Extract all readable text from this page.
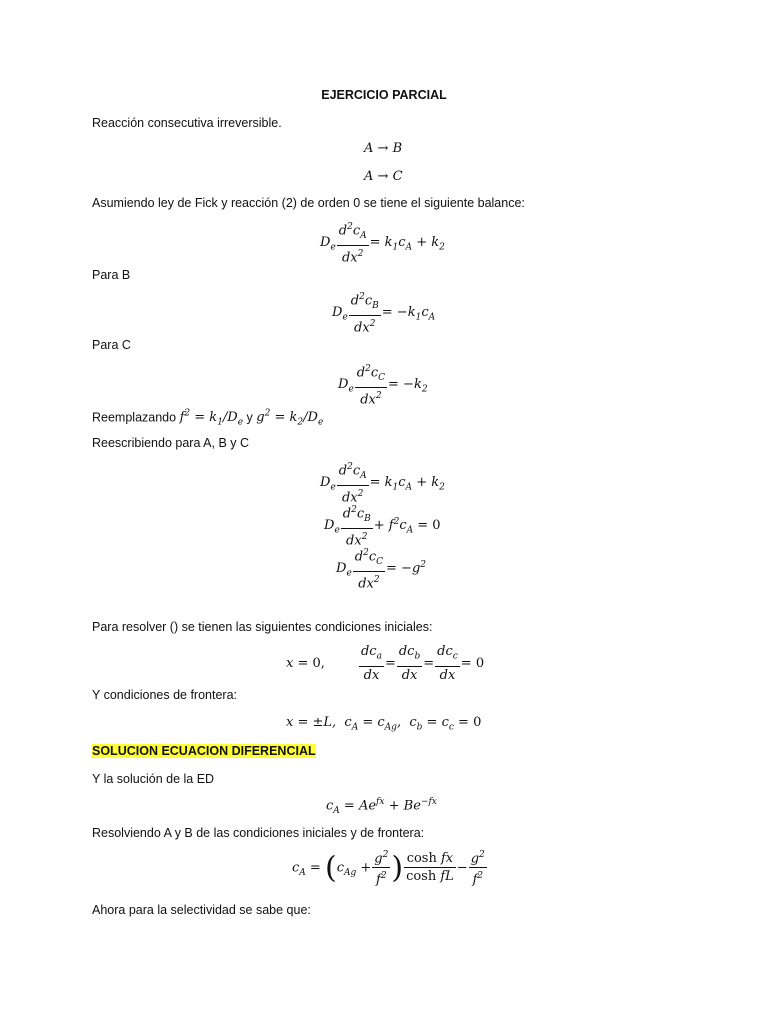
EJERCICIO PARCIAL
Reacción consecutiva irreversible.
A → B
A → C
Asumiendo ley de Fick y reacción (2) de orden 0 se tiene el siguiente balance:
$D_e \frac{d^2c_A}{dx^2} = k_1c_A + k_2$
Para B
$D_e \frac{d^2c_B}{dx^2} = -k_1c_A$
Para C
$D_e \frac{d^2c_C}{dx^2} = -k_2$
Reemplazando $f^2 = k_1/D_e$ y $g^2 = k_2/D_e$
Reescribiendo para A, B y C
$D_e \frac{d^2c_A}{dx^2} = k_1c_A + k_2$
$D_e \frac{d^2c_B}{dx^2} + f^2c_A = 0$
$D_e \frac{d^2c_C}{dx^2} = -g^2$
Para resolver () se tienen las siguientes condiciones iniciales:
x = 0,	$\frac{dc_a}{dx} = \frac{dc_b}{dx} = \frac{dc_c}{dx} = 0$
Y condiciones de frontera:
x = ±L,  $c_A = c_{Ag}$,  $c_b = c_c = 0$
SOLUCION ECUACION DIFERENCIAL
Y la solución de la ED
$c_A = Ae^{fx} + Be^{-fx}$
Resolviendo A y B de las condiciones iniciales y de frontera:
$c_A = (c_{Ag} + \frac{g^2}{f^2}$ ) $\frac{\text{cosh fx}}{\text{cosh fL}} - \frac{g^2}{f^2}$
Ahora para la selectividad se sabe que:
